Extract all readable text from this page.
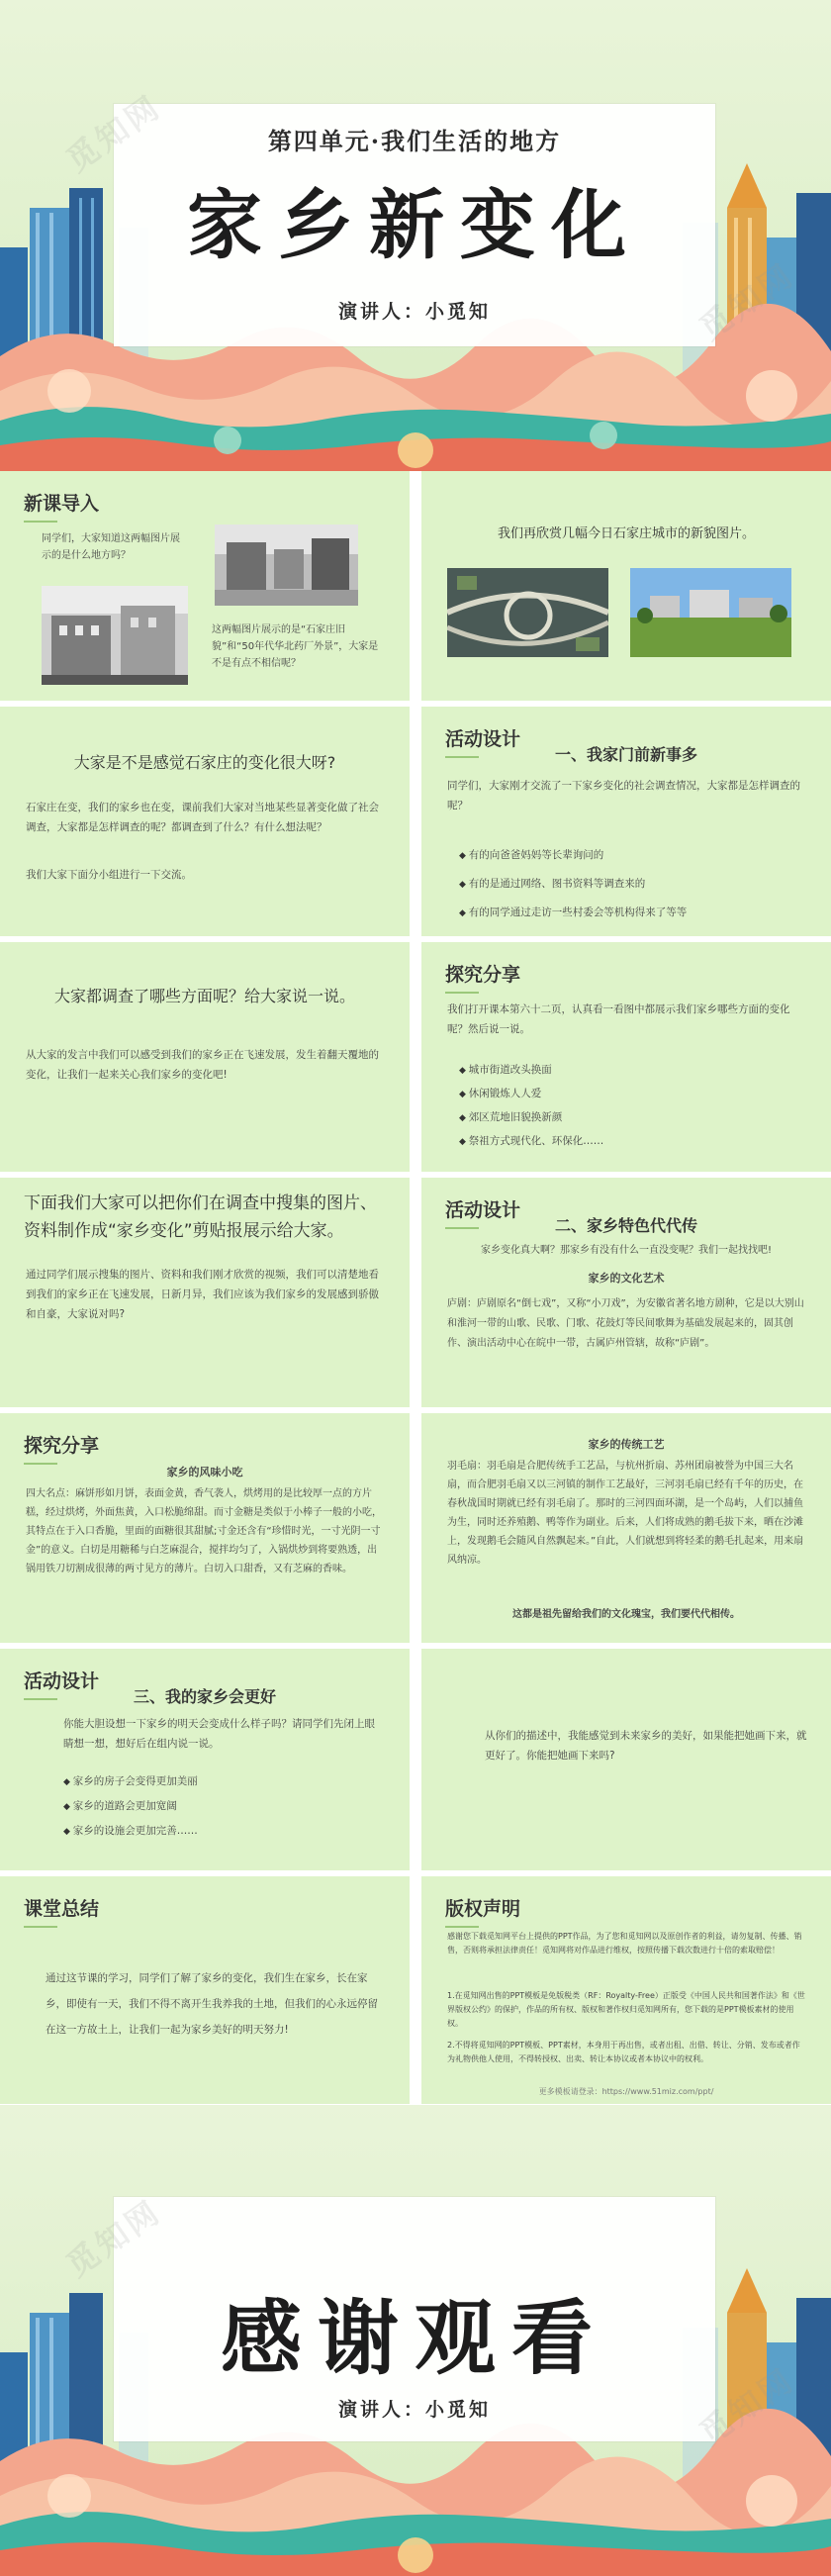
第四单元·我们生活的地方
家乡新变化
演讲人：小觅知
新课导入
同学们，大家知道这两幅图片展示的是什么地方吗？
这两幅图片展示的是“石家庄旧貌”和“50年代华北药厂外景”，大家是不是有点不相信呢？
我们再欣赏几幅今日石家庄城市的新貌图片。
大家是不是感觉石家庄的变化很大呀?
石家庄在变，我们的家乡也在变，课前我们大家对当地某些显著变化做了社会调查，大家都是怎样调查的呢？都调查到了什么？有什么想法呢？
我们大家下面分小组进行一下交流。
活动设计
一、我家门前新事多
同学们，大家刚才交流了一下家乡变化的社会调查情况，大家都是怎样调查的呢？
◆ 有的向爸爸妈妈等长辈询问的
◆ 有的是通过网络、图书资料等调查来的
◆ 有的同学通过走访一些村委会等机构得来了等等
大家都调查了哪些方面呢？给大家说一说。
从大家的发言中我们可以感受到我们的家乡正在飞速发展，发生着翻天覆地的变化，让我们一起来关心我们家乡的变化吧!
探究分享
我们打开课本第六十二页，认真看一看图中都展示我们家乡哪些方面的变化呢？然后说一说。
◆ 城市街道改头换面
◆ 休闲锻炼人人爱
◆ 郊区荒地旧貌换新颜
◆ 祭祖方式现代化、环保化……
下面我们大家可以把你们在调查中搜集的图片、资料制作成“家乡变化”剪贴报展示给大家。
通过同学们展示搜集的图片、资料和我们刚才欣赏的视频，我们可以清楚地看到我们的家乡正在飞速发展，日新月异，我们应该为我们家乡的发展感到骄傲和自豪，大家说对吗?
活动设计
二、家乡特色代代传
家乡变化真大啊？那家乡有没有什么一直没变呢？我们一起找找吧!
家乡的文化艺术
庐剧：庐剧原名“倒七戏”，又称“小刀戏”，为安徽省著名地方剧种，它是以大别山和淮河一带的山歌、民歌、门歌、花鼓灯等民间歌舞为基础发展起来的，固其创作、演出活动中心在皖中一带，古属庐州管辖，故称“庐剧”。
探究分享
家乡的风味小吃
四大名点：麻饼形如月饼，表面金黄，香气袭人，烘烤用的是比较厚一点的方片糕，经过烘烤，外面焦黄，入口松脆绵甜。而寸金糖是类似于小棒子一般的小吃，其特点在于入口香脆，里面的面糖很其甜腻;寸金还含有“珍惜时光，一寸光阴一寸金”的意义。白切是用糖稀与白芝麻混合，搅拌均匀了，入锅烘炒到将要熟透，出锅用铁刀切割成很薄的两寸见方的薄片。白切入口甜香，又有芝麻的香味。
家乡的传统工艺
羽毛扇：羽毛扇是合肥传统手工艺品，与杭州折扇、苏州团扇被誉为中国三大名扇，而合肥羽毛扇又以三河镇的制作工艺最好，三河羽毛扇已经有千年的历史，在春秋战国时期就已经有羽毛扇了。那时的三河四面环湖，是一个岛屿，人们以捕鱼为生，同时还养殖鹅、鸭等作为副业。后来，人们将成熟的鹅毛拔下来，晒在沙滩上，发现鹅毛会随风自然飘起来。”自此，人们就想到将轻柔的鹅毛扎起来，用来扇风纳凉。
这都是祖先留给我们的文化瑰宝，我们要代代相传。
活动设计
三、我的家乡会更好
你能大胆设想一下家乡的明天会变成什么样子吗？请同学们先闭上眼睛想一想，想好后在组内说一说。
◆ 家乡的房子会变得更加美丽
◆ 家乡的道路会更加宽阔
◆ 家乡的设施会更加完善……
从你们的描述中，我能感觉到未来家乡的美好，如果能把她画下来，就更好了。你能把她画下来吗?
课堂总结
通过这节课的学习，同学们了解了家乡的变化，我们生在家乡，长在家乡，即使有一天，我们不得不离开生我养我的土地，但我们的心永远停留在这一方故土上，让我们一起为家乡美好的明天努力!
版权声明
感谢您下载觅知网平台上提供的PPT作品，为了您和觅知网以及原创作者的利益，请勿复制、传播、销售，否则将承担法律责任！觅知网将对作品进行维权，按照传播下载次数进行十倍的索取赔偿！
1.在觅知网出售的PPT模板是免版税类（RF：Royalty-Free）正版受《中国人民共和国著作法》和《世界版权公约》的保护，作品的所有权、版权和著作权归觅知网所有，您下载的是PPT模板素材的使用权。
2.不得将觅知网的PPT模板、PPT素材，本身用于再出售，或者出租、出借、转让、分销、发布或者作为礼物供他人使用，不得转授权、出卖、转让本协议或者本协议中的权利。
更多模板请登录：https://www.51miz.com/ppt/
感谢观看
演讲人：小觅知
